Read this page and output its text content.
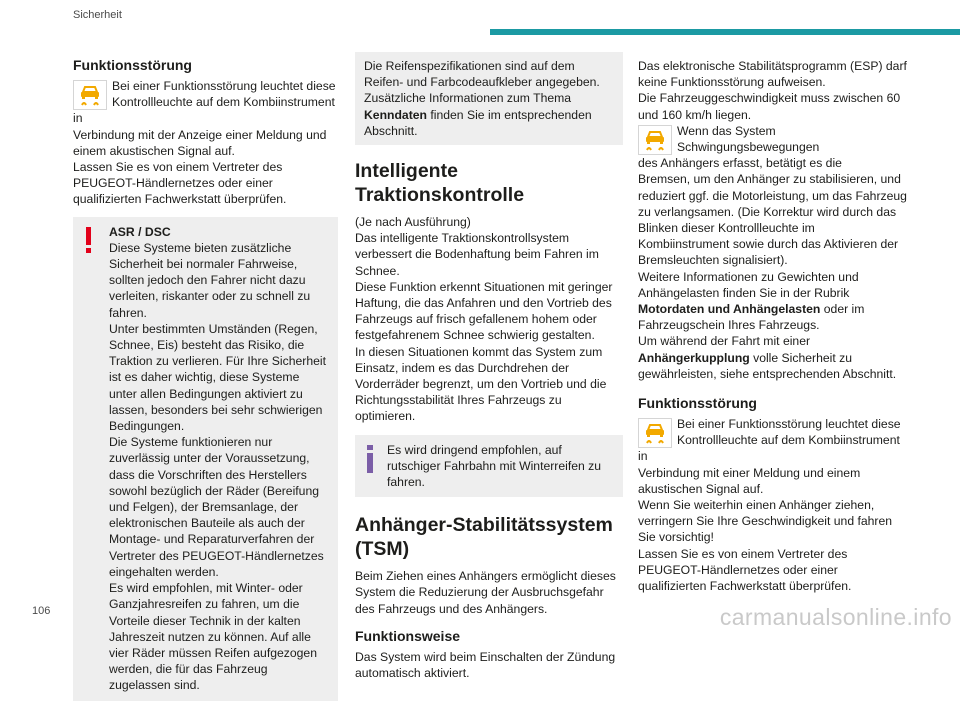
Sicherheit
Funktionsstörung

Bei einer Funktionsstörung leuchtet diese

Kontrollleuchte auf dem Kombiinstrument in

Verbindung mit der Anzeige einer Meldung und einem akustischen Signal auf.

Lassen Sie es von einem Vertreter des PEUGEOT-Händlernetzes oder einer qualifizierten Fachwerkstatt überprüfen.

ASR / DSC

Diese Systeme bieten zusätzliche Sicherheit bei normaler Fahrweise, sollten jedoch den Fahrer nicht dazu verleiten, riskanter oder zu schnell zu fahren.

Unter bestimmten Umständen (Regen, Schnee, Eis) besteht das Risiko, die Traktion zu verlieren. Für Ihre Sicherheit ist es daher wichtig, diese Systeme unter allen Bedingungen aktiviert zu lassen, besonders bei sehr schwierigen Bedingungen.

Die Systeme funktionieren nur zuverlässig unter der Voraussetzung, dass die Vorschriften des Herstellers sowohl bezüglich der Räder (Bereifung und Felgen), der Bremsanlage, der elektronischen Bauteile als auch der Montage- und Reparaturverfahren der Vertreter des PEUGEOT-Händlernetzes eingehalten werden.

Es wird empfohlen, mit Winter- oder Ganzjahresreifen zu fahren, um die Vorteile dieser Technik in der kalten Jahreszeit nutzen zu können. Auf alle vier Räder müssen Reifen aufgezogen werden, die für das Fahrzeug zugelassen sind.

Die Reifenspezifikationen sind auf dem Reifen- und Farbcodeaufkleber angegeben. Zusätzliche Informationen zum Thema Kenndaten finden Sie im entsprechenden Abschnitt.

Intelligente Traktionskontrolle

(Je nach Ausführung)

Das intelligente Traktionskontrollsystem verbessert die Bodenhaftung beim Fahren im Schnee.

Diese Funktion erkennt Situationen mit geringer Haftung, die das Anfahren und den Vortrieb des Fahrzeugs auf frisch gefallenem hohem oder festgefahrenem Schnee schwierig gestalten.

In diesen Situationen kommt das System zum Einsatz, indem es das Durchdrehen der Vorderräder begrenzt, um den Vortrieb und die Richtungsstabilität Ihres Fahrzeugs zu optimieren.

Es wird dringend empfohlen, auf rutschiger Fahrbahn mit Winterreifen zu fahren.

Anhänger-Stabilitätssystem (TSM)

Beim Ziehen eines Anhängers ermöglicht dieses System die Reduzierung der Ausbruchsgefahr des Fahrzeugs und des Anhängers.

Funktionsweise

Das System wird beim Einschalten der Zündung automatisch aktiviert.

Das elektronische Stabilitätsprogramm (ESP) darf keine Funktionsstörung aufweisen.

Die Fahrzeuggeschwindigkeit muss zwischen 60 und 160 km/h liegen.

Wenn das System Schwingungsbewegungen

des Anhängers erfasst, betätigt es die

Bremsen, um den Anhänger zu stabilisieren, und reduziert ggf. die Motorleistung, um das Fahrzeug zu verlangsamen. (Die Korrektur wird durch das Blinken dieser Kontrollleuchte im Kombiinstrument sowie durch das Aktivieren der Bremsleuchten signalisiert).

Weitere Informationen zu Gewichten und Anhängelasten finden Sie in der Rubrik Motordaten und Anhängelasten oder im Fahrzeugschein Ihres Fahrzeugs.

Um während der Fahrt mit einer Anhängerkupplung volle Sicherheit zu gewährleisten, siehe entsprechenden Abschnitt.

Funktionsstörung

Bei einer Funktionsstörung leuchtet diese

Kontrollleuchte auf dem Kombiinstrument in

Verbindung mit einer Meldung und einem akustischen Signal auf.

Wenn Sie weiterhin einen Anhänger ziehen, verringern Sie Ihre Geschwindigkeit und fahren Sie vorsichtig!

Lassen Sie es von einem Vertreter des PEUGEOT-Händlernetzes oder einer qualifizierten Fachwerkstatt überprüfen.

106	carmanualsonline.info
